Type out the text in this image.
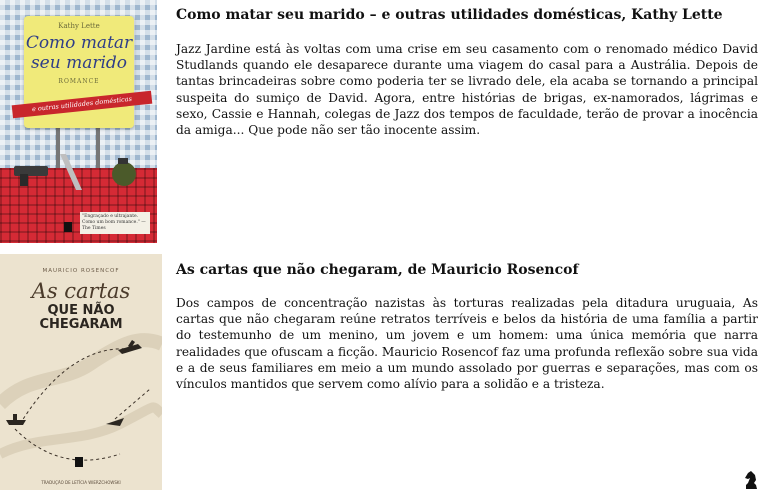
Kathy Lette
Como matar
seu marido
ROMANCE
e outras utilidades domésticas
"Engraçado e ultrajante. Como um bom romance." — The Times
Como matar seu marido – e outras utilidades domésticas, Kathy Lette

Jazz Jardine está às voltas com uma crise em seu casamento com o renomado médico David Studlands quando ele desaparece durante uma viagem do casal para a Austrália. Depois de tantas brincadeiras sobre como poderia ter se livrado dele, ela acaba se tornando a principal suspeita do sumiço de David. Agora, entre histórias de brigas, ex-namorados, lágrimas e sexo, Cassie e Hannah, colegas de Jazz dos tempos de faculdade, terão de provar a inocência da amiga... Que pode não ser tão inocente assim.

MAURICIO ROSENCOF
As cartas
QUE NÃO
CHEGARAM
TRADUÇÃO DE LETÍCIA WIERZCHOWSKI
As cartas que não chegaram, de Mauricio Rosencof

Dos campos de concentração nazistas às torturas realizadas pela ditadura uruguaia, As cartas que não chegaram reúne retratos terríveis e belos da história de uma família a partir do testemunho de um menino, um jovem e um homem: uma única memória que narra realidades que ofuscam a ficção. Mauricio Rosencof faz uma profunda reflexão sobre sua vida e a de seus familiares em meio a um mundo assolado por guerras e separações, mas com os vínculos mantidos que servem como alívio para a solidão e a tristeza.
